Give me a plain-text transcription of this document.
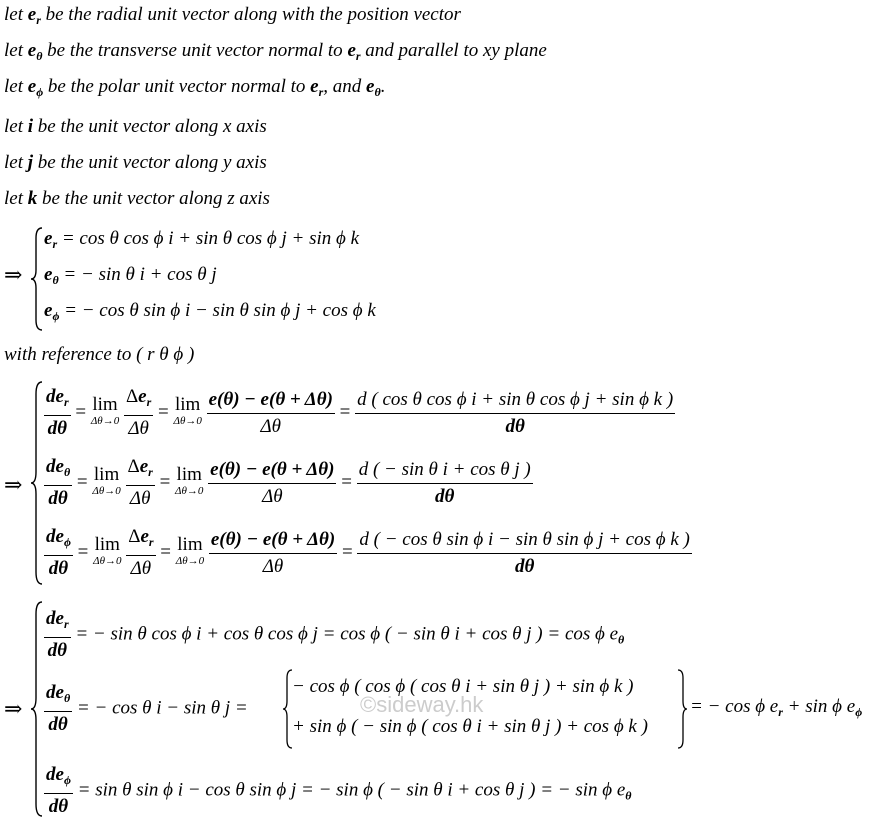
let $e_r$ be the radial unit vector along with the position vector
let $e_\theta$ be the transverse unit vector normal to $e_r$ and parallel to xy plane
let $e_\phi$ be the polar unit vector normal to $e_r$, and $e_\theta$.
let i be the unit vector along x axis
let j be the unit vector along y axis
let k be the unit vector along z axis
⇒
$e_r = \cos \theta$ cos ϕ i + sin θ cos ϕ j + sin ϕ k
$e_\theta$ = − sin θ i + cos θ j
$e_\phi$ = − cos θ sin ϕ i − sin θ sin ϕ j + cos ϕ k
with reference to ( r θ ϕ )
⇒
$\frac{de_r}{d\theta} = \lim$
Δθ→0
$\frac{\Delta e_r}{\Delta\theta} = \lim$
Δθ→0
$\frac{e(\theta) - e(\theta + \Delta\theta)}{\Delta\theta} = \frac{\text{d ( cos θ cos ϕ i + sin θ cos ϕ j + sin ϕ k )}}{d\theta}$
$\frac{de_\theta}{d\theta} = \lim$
Δθ→0
$\frac{\Delta e_r}{\Delta\theta} = \lim$
Δθ→0
$\frac{e(\theta) - e(\theta + \Delta\theta)}{\Delta\theta} = \frac{\text{d ( − sin θ i + cos θ j )}}{d\theta}$
$\frac{de_\phi}{d\theta} = \lim$
Δθ→0
$\frac{\Delta e_r}{\Delta\theta} = \lim$
Δθ→0
$\frac{e(\theta) - e(\theta + \Delta\theta)}{\Delta\theta} = \frac{\text{d ( − cos θ sin ϕ i − sin θ sin ϕ j + cos ϕ k )}}{d\theta}$
⇒
$\frac{de_r}{d\theta}$ = − sin θ cos ϕ i + cos θ cos ϕ j = cos ϕ ( − sin θ i + cos θ j ) = cos ϕ $e_\theta$
$\frac{de_\theta}{d\theta}$ = − cos θ i − sin θ j =
− cos ϕ ( cos ϕ ( cos θ i + sin θ j ) + sin ϕ k )
+ sin ϕ ( − sin ϕ ( cos θ i + sin θ j ) + cos ϕ k )
= − cos ϕ $e_r + \sin \phi$ $e_\phi$
$\frac{de_\phi}{d\theta} = \sin \theta$ sin ϕ i − cos θ sin ϕ j = − sin ϕ ( − sin θ i + cos θ j ) = − sin ϕ $e_\theta$
©sideway.hk
